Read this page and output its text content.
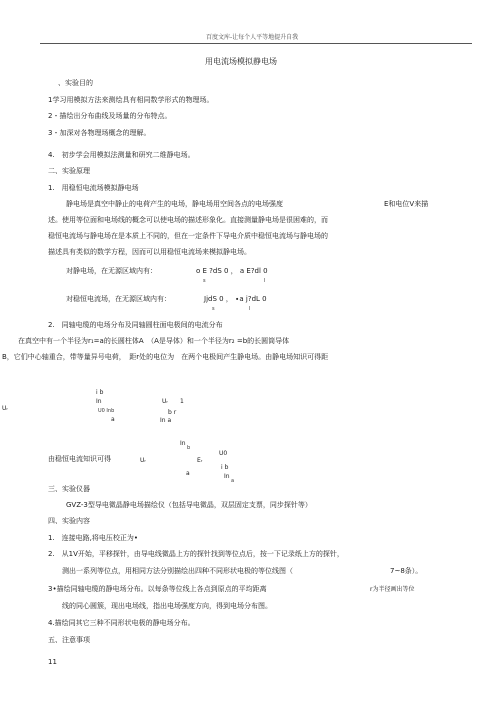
百度文库-让每个人平等地提升自我
用电流场模拟静电场
、实验目的
1学习用模拟方法来测绘具有相同数学形式的物理场。
2・描绘出分布曲线及场量的分布特点。
3・加深对各物理场概念的理解。
4.　初步学会用模拟法测量和研究二维静电场。
二、实验原理
1.　用稳恒电流场模拟静电场
静电场是真空中静止的电荷产生的电场，静电场用空间各点的电场强度	E和电位V来描
述。使用等位面和电场线的概念可以使电场的描述形象化。直接测量静电场是很困难的，而
稳恒电流场与静电场在是本质上不同的，但在一定条件下导电介质中稳恒电流场与静电场的
描述具有类似的数学方程，因而可以用稳恒电流场来模拟静电场。
对静电场，在无源区域内有：	o E ?dS 0 ， a E?dl 0
s	l
对稳恒电流场，在无源区域内有：	JjdS 0 ， ∙a j?dL 0
s	l
2.　同轴电缆的电场分布及同轴圆柱面电极间的电流分布
在真空中有一个半径为r₁=a的长圆柱体A　（A是导体）和一个半径为r₂ =b的长圆筒导体
B，它们中心轴重合，带等量异号电荷，　距r处的电位为　在两个电极间产生静电场。由静电场知识可得距
Uᵣ
i b
In
U0 Inb
a
Uᵣ 1
b r
In a
由稳恒电流知识可得
In
b
Uᵣ	Eᵣ
U0
i b
a	In
a
三、实验仪器
GVZ-3型导电微晶静电场描绘仪（包括导电微晶，双层固定支票，同步探针等）
四、实验内容
1.　连接电路,将电压校正为•
2.　从1V开始，平移探针，由导电线微晶上方的探针找到等位点后，按一下记录纸上方的探针，
测出一系列等位点，用相同方法分别描绘出四种不同形状电极的等位线图（	7~8条）。
3•描绘同轴电缆的静电场分布。以每条等位线上各点到原点的平均距离	r为半径画出等位
线的同心圆簇，现出电场线，指出电场强度方向，得到电场分布图。
4.描绘同其它三种不同形状电极的静电场分布。
五、注意事项
11
